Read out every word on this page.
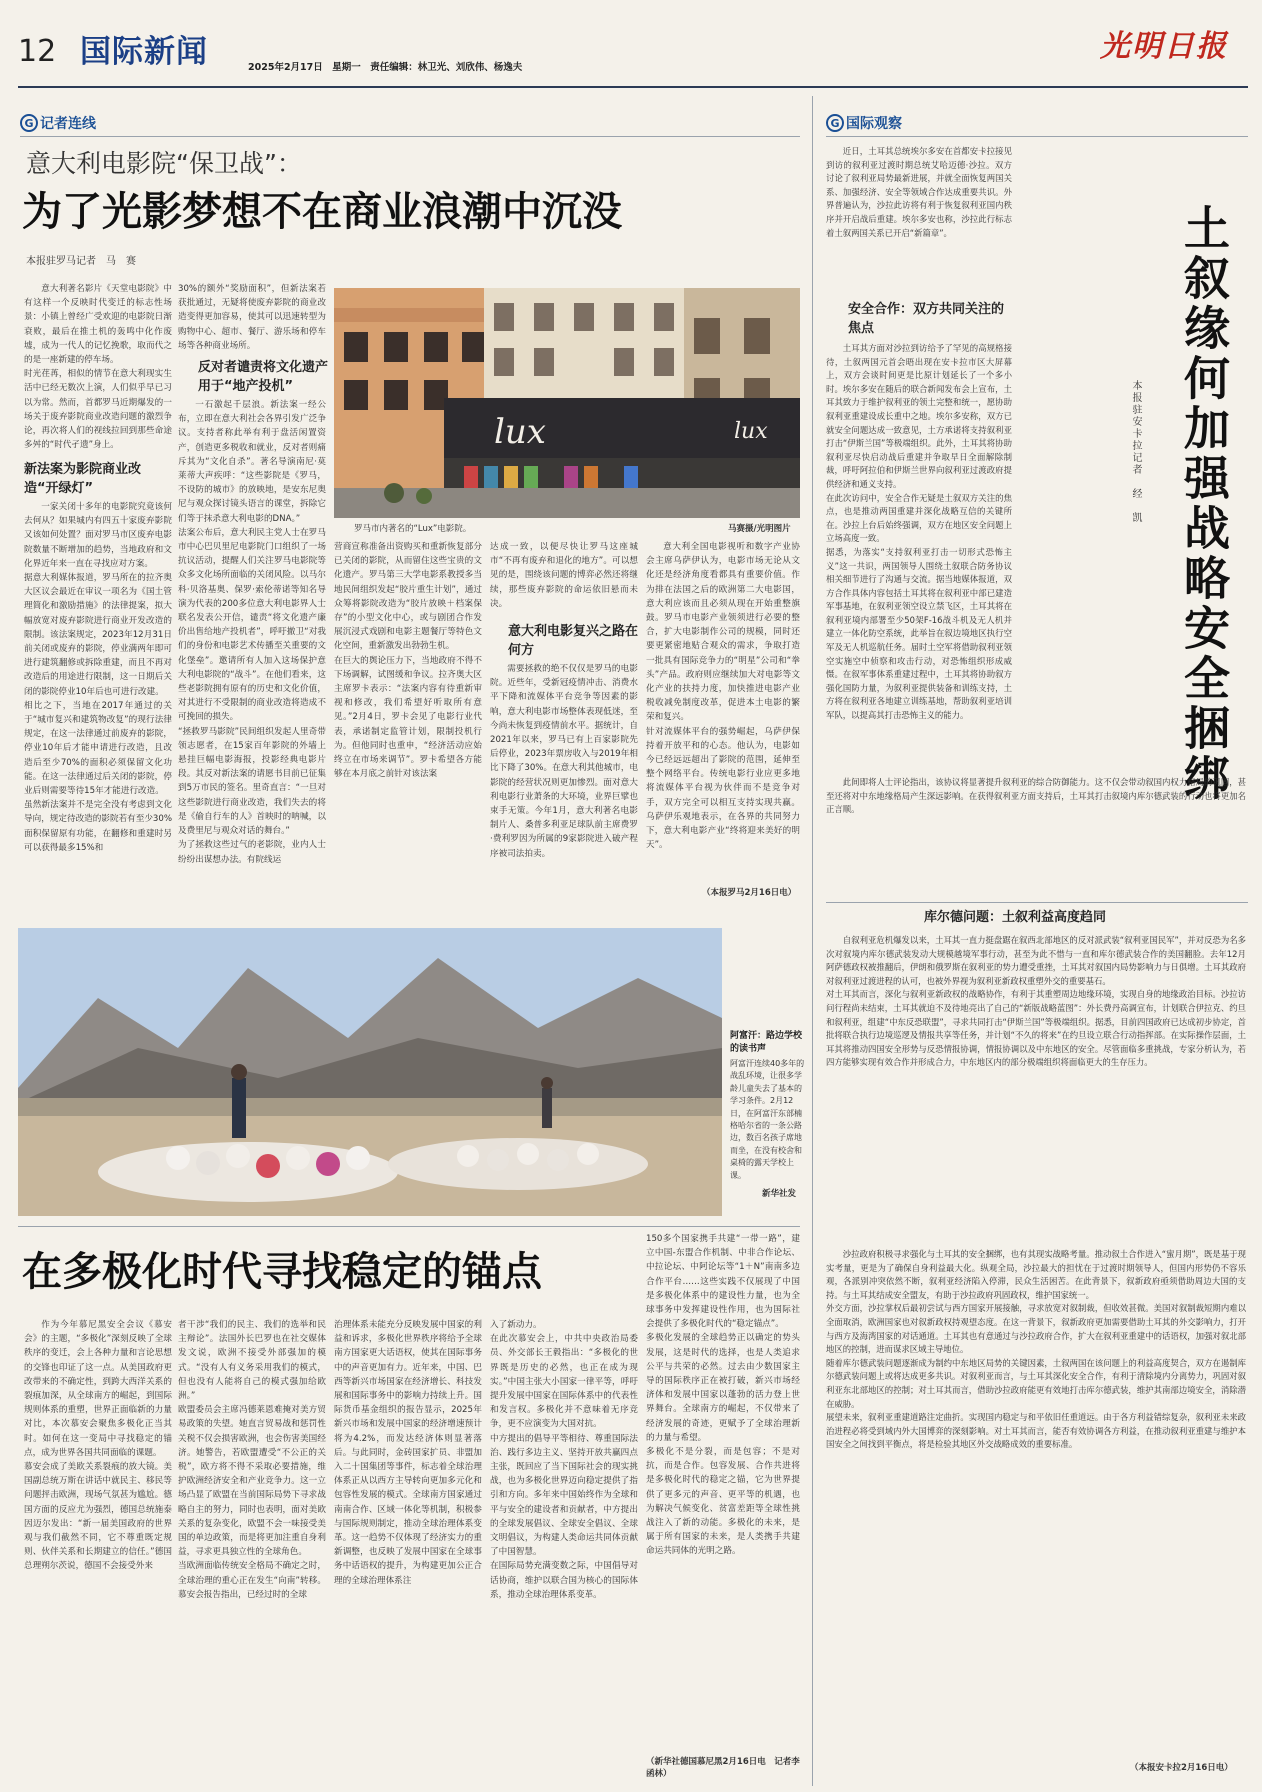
12 国际新闻	2025年2月17日　星期一　责任编辑：林卫光、刘欣伟、杨逸夫
光明日报
G 记者连线
意大利电影院“保卫战”：
为了光影梦想不在商业浪潮中沉没
本报驻罗马记者　马　赛
意大利著名影片《天堂电影院》中有这样一个反映时代变迁的标志性场景：小镇上曾经广受欢迎的电影院日渐衰败，最后在推土机的轰鸣中化作废墟，成为一代人的记忆挽歌，取而代之的是一座新建的停车场。
时光荏苒，相似的情节在意大利现实生活中已经无数次上演，人们似乎早已习以为常。然而，首都罗马近期爆发的一场关于废弃影院商业改造问题的激烈争论，再次将人们的视线拉回到那些命途多舛的“时代孑遗”身上。
新法案为影院商业改造“开绿灯”
一家关闭十多年的电影院究竟该何去何从？如果城内有四五十家废弃影院又该如何处置？面对罗马市区废弃电影院数量不断增加的趋势，当地政府和文化界近年来一直在寻找应对方案。
据意大利媒体报道，罗马所在的拉齐奥大区议会最近在审议一项名为《国土管理简化和激励措施》的法律提案，拟大幅放宽对废弃影院进行商业开发改造的限制。该法案规定，2023年12月31日前关闭或废弃的影院，停业满两年即可进行建筑翻修或拆除重建，而且不再对改造后的用途进行限制，这一日期后关闭的影院停业10年后也可进行改建。
相比之下，当地在2017年通过的关于“城市复兴和建筑物改复”的现行法律规定，在这一法律通过前废弃的影院，停业10年后才能申请进行改造，且改造后至少70%的面积必须保留文化功能。在这一法律通过后关闭的影院，停业后则需要等待15年才能进行改造。
虽然新法案并不是完全没有考虑到文化导向，规定待改造的影院若有至少30%面积保留原有功能，在翻修和重建时另可以获得最多15%和
30%的额外“奖励面积”，但新法案若获批通过，无疑将使废弃影院的商业改造变得更加容易，使其可以迅速转型为购物中心、超市、餐厅、游乐场和停车场等各种商业场所。
反对者谴责将文化遗产用于“地产投机”
一石激起千层浪。新法案一经公布，立即在意大利社会各界引发广泛争议。支持者称此举有利于盘活闲置资产，创造更多税收和就业，反对者则痛斥其为“文化自杀”。著名导演南尼·莫莱蒂大声疾呼：“这些影院是《罗马，不设防的城市》的放映地，是安东尼奥尼与观众探讨镜头语言的课堂，拆除它们等于抹杀意大利电影的DNA。”
法案公布后，意大利民主党人士在罗马市中心巴贝里尼电影院门口组织了一场抗议活动，提醒人们关注罗马电影院等众多文化场所面临的关闭风险。以马尔科·贝洛基奥、保罗·索伦蒂诺等知名导演为代表的200多位意大利电影界人士联名发表公开信，谴责“将文化遗产廉价出售给地产投机者”，呼吁撤卫“对我们的身份和电影艺术传播至关重要的文化堡垒”。邀请所有人加入这场保护意大利电影院的“战斗”。在他们看来，这些老影院拥有原有的历史和文化价值，对其进行不受限制的商业改造将造成不可挽回的损失。
“拯救罗马影院”民间组织发起人里奇带领志愿者，在15家百年影院的外墙上悬挂巨幅电影海报，投影经典电影片段。其反对新法案的请愿书目前已征集到5万市民的签名。里奇直言：“一旦对这些影院进行商业改造，我们失去的将是《偷自行车的人》首映时的呐喊，以及费里尼与观众对话的舞台。”
为了拯救这些过气的老影院，业内人士纷纷出谋想办法。有院线运
lux	lux
罗马市内著名的“Lux”电影院。	马赛摄/光明图片
营商宣称准备出资购买和重新恢复部分已关闭的影院，从而留住这些宝贵的文化遗产。罗马第三大学电影系教授多当地民间组织发起“胶片重生计划”，通过众筹将影院改造为“胶片放映＋档案保存”的小型文化中心，或与剧团合作发展沉浸式戏剧和电影主题餐厅等特色文化空间，重新激发出勃勃生机。
在巨大的舆论压力下，当地政府不得不下场调解，试图缓和争议。拉齐奥大区主席罗卡表示：“法案内容有待重新审视和修改，我们希望好听取所有意见。”2月4日，罗卡会见了电影行业代表，承诺制定监管计划，限制投机行为。但他同时也重申，“经济活动应始终立在市场来调节”。罗卡希望各方能够在本月底之前针对该法案
达成一致，以便尽快让罗马这座城市“不再有废弃和退化的地方”。可以想见的是，围绕该问题的博弈必然还将继续，那些废弃影院的命运依旧悬而未决。
意大利电影复兴之路在何方
需要拯救的绝不仅仅是罗马的电影院。近些年，受新冠疫情冲击、消费水平下降和流媒体平台竞争等因素的影响，意大利电影市场整体表现低迷，至今尚未恢复到疫情前水平。据统计，自2021年以来，罗马已有上百家影院先后停业，2023年票房收入与2019年相比下降了30%。在意大利其他城市，电影院的经营状况则更加惨烈。面对意大利电影行业萧条的大环境，业界巨擘也束手无策。今年1月，意大利著名电影制片人、桑普多利亚足球队前主席费罗·费利罗因为所属的9家影院进入破产程序被司法拍卖。
意大利全国电影视听和数字产业协会主席乌萨伊认为，电影市场无论从文化还是经济角度看都具有重要价值。作为排在法国之后的欧洲第二大电影国，意大利应该而且必须从现在开始重整旗鼓。罗马市电影产业领须进行必要的整合，扩大电影制作公司的规模，同时还要更紧密地贴合观众的需求，争取打造一批具有国际竞争力的“明星”公司和“拳头”产品。政府则应继续加大对电影等文化产业的扶持力度，加快推进电影产业税收减免制度改革，促进本土电影的繁荣和复兴。
针对流媒体平台的强势崛起，乌萨伊保持着开放平和的心态。他认为，电影如今已经远远超出了影院的范围，延伸至整个网络平台。传统电影行业应更多地将流媒体平台视为伙伴而不是竞争对手，双方完全可以相互支持实现共赢。乌萨伊乐观地表示，在各界的共同努力下，意大利电影产业“终将迎来美好的明天”。
（本报罗马2月16日电）
阿富汗：路边学校的读书声
阿富汗连续40多年的战乱环境，让很多学龄儿童失去了基本的学习条件。2月12日，在阿富汗东部楠格哈尔省的一条公路边，数百名孩子席地而坐，在没有校舍和桌椅的露天学校上课。
新华社发
在多极化时代寻找稳定的锚点
作为今年慕尼黑安全会议《慕安会》的主题，“多极化”深刻反映了全球秩序的变迁，会上各种力量和言论思想的交锋也印证了这一点。从美国政府更改带来的不确定性，到跨大西洋关系的裂痕加深，从全球南方的崛起，到国际规则体系的重塑，世界正面临新的力量对比，本次慕安会聚焦多极化正当其时。如何在这一变局中寻找稳定的锚点，成为世界各国共同面临的课题。
慕安会成了美欧关系裂痕的放大镜。美国副总统万斯在讲话中就民主、移民等问题抨击欧洲，现场气氛甚为尴尬。德国方面的反应尤为强烈，德国总统施泰因迈尔发出：“新一届美国政府的世界观与我们截然不同，它不尊重既定规则、伙伴关系和长期建立的信任。”德国总理朔尔茨说，德国不会接受外来
者干涉“我们的民主、我们的选举和民主辩论”。法国外长巴罗也在社交媒体发文说，欧洲不接受外部强加的模式。“没有人有义务采用我们的模式，但也没有人能将自己的模式强加给欧洲。”
欧盟委员会主席冯德莱恩难掩对美方贸易政策的失望。她直言贸易战和惩罚性关税不仅会损害欧洲，也会伤害美国经济。她警告，若欧盟遭受“不公正的关税”，欧方将不得不采取必要措施，维护欧洲经济安全和产业竞争力。这一立场凸显了欧盟在当前国际局势下寻求战略自主的努力，同时也表明，面对美欧关系的复杂变化，欧盟不会一味接受美国的单边政策，而是将更加注重自身利益，寻求更具独立性的全球角色。
当欧洲面临传统安全格局不确定之时，全球治理的重心正在发生“向南”转移。慕安会报告指出，已经过时的全球
治理体系未能充分反映发展中国家的利益和诉求，多极化世界秩序将给予全球南方国家更大话语权，使其在国际事务中的声音更加有力。近年来，中国、巴西等新兴市场国家在经济增长、科技发展和国际事务中的影响力持续上升。国际货币基金组织的报告显示，2025年新兴市场和发展中国家的经济增速预计将为4.2%，而发达经济体则显著落后。与此同时，金砖国家扩员、非盟加入二十国集团等事件，标志着全球治理体系正从以西方主导转向更加多元化和包容性发展的模式。全球南方国家通过南南合作、区域一体化等机制，积极参与国际规则制定，推动全球治理体系变革。这一趋势不仅体现了经济实力的重新调整，也反映了发展中国家在全球事务中话语权的提升，为构建更加公正合理的全球治理体系注
入了新动力。
在此次慕安会上，中共中央政治局委员、外交部长王毅指出：“多极化的世界既是历史的必然，也正在成为现实。”中国主张大小国家一律平等，呼吁提升发展中国家在国际体系中的代表性和发言权。多极化并不意味着无序竞争，更不应演变为大国对抗。
中方提出的倡导平等相待、尊重国际法治、践行多边主义、坚持开放共赢四点主张，既回应了当下国际社会的现实挑战，也为多极化世界迈向稳定提供了指引和方向。多年来中国始终作为全球和平与安全的建设者和贡献者，中方提出的全球发展倡议、全球安全倡议、全球文明倡议，为构建人类命运共同体贡献了中国智慧。
在国际局势充满变数之际，中国倡导对话协商，维护以联合国为核心的国际体系，推动全球治理体系变革。
150多个国家携手共建“一带一路”，建立中国-东盟合作机制、中非合作论坛、中拉论坛、中阿论坛等“1＋N”南南多边合作平台……这些实践不仅展现了中国是多极化体系中的建设性力量，也为全球事务中发挥建设性作用，也为国际社会提供了多极化时代的“稳定锚点”。
多极化发展的全球趋势正以确定的势头发展，这是时代的选择，也是人类追求公平与共荣的必然。过去由少数国家主导的国际秩序正在被打破，新兴市场经济体和发展中国家以蓬勃的活力登上世界舞台。全球南方的崛起，不仅带来了经济发展的奇迹，更赋予了全球治理新的力量与希望。
多极化不是分裂，而是包容；不是对抗，而是合作。包容发展、合作共进将是多极化时代的稳定之锚，它为世界提供了更多元的声音、更平等的机遇，也为解决气候变化、贫富差距等全球性挑战注入了新的动能。多极化的未来，是属于所有国家的未来，是人类携手共建命运共同体的光明之路。
（新华社德国慕尼黑2月16日电　记者李函林）
G 国际观察
近日，土耳其总统埃尔多安在首都安卡拉接见到访的叙利亚过渡时期总统艾哈迈德·沙拉。双方讨论了叙利亚局势最新进展，并就全面恢复两国关系、加强经济、安全等领域合作达成重要共识。外界普遍认为，沙拉此访将有利于恢复叙利亚国内秩序并开启战后重建。埃尔多安也称，沙拉此行标志着土叙两国关系已开启“新篇章”。	土叙缘何加强战略安全捆绑
本报驻安卡拉记者　经　凯
安全合作：双方共同关注的焦点
土耳其方面对沙拉到访给予了罕见的高规格接待，土叙两国元首会晤出现在安卡拉市区大屏幕上，双方会谈时间更是比原计划延长了一个多小时。埃尔多安在随后的联合新闻发布会上宣布，土耳其致力于维护叙利亚的领土完整和统一，愿协助叙利亚重建设成长重中之地。埃尔多安称，双方已就安全问题达成一致意见，土方承诺将支持叙利亚打击“伊斯兰国”等极端组织。此外，土耳其将协助叙利亚尽快启动战后重建并争取早日全面解除制裁，呼吁阿拉伯和伊斯兰世界向叙利亚过渡政府提供经济和通义支持。
在此次访问中，安全合作无疑是土叙双方关注的焦点，也是推动两国重建并深化战略互信的关键所在。沙拉上台后始终强调，双方在地区安全问题上立场高度一致。
据悉，为落实“支持叙利亚打击一切形式恐怖主义”这一共识，两国领导人围绕土叙联合防务协议相关细节进行了沟通与交流。据当地媒体报道，双方合作具体内容包括土耳其将在叙利亚中部已建造军事基地，在叙利亚领空设立禁飞区，土耳其将在叙利亚境内部署至少50架F-16战斗机及无人机并建立一体化防空系统，此举旨在叙边境地区执行空军及无人机巡航任务。届时土空军将借助叙利亚领空实施空中侦察和攻击行动，对恐怖组织形成威慑。在叙军事体系重建过程中，土耳其将协助叙方强化国防力量，为叙利亚提供装备和训练支持，土方将在叙利亚各地建立训练基地，帮助叙利亚培训军队，以提高其打击恐怖主义的能力。
此间即将人士评论指出，该协议将显著提升叙利亚的综合防御能力。这不仅会带动叙国内权力格局的巩固，甚至还将对中东地缘格局产生深远影响。在获得叙利亚方面支持后，土耳其打击叙境内库尔德武装的行动也将更加名正言顺。
库尔德问题：土叙利益高度趋同
自叙利亚危机爆发以来，土耳其一直力挺盘踞在叙西北部地区的反对派武装“叙利亚国民军”，并对反恐为名多次对叙境内库尔德武装发动大规模越境军事行动，甚至为此不惜与一直和库尔德武装合作的美国翻脸。去年12月阿萨德政权被推翻后，伊朗和俄罗斯在叙利亚的势力遭受重挫，土耳其对叙国内局势影响力与日俱增。土耳其政府对叙利亚过渡进程的认可，也被外界视为叙利亚新政权重塑外交的重要基石。
对土耳其而言，深化与叙利亚新政权的战略协作，有利于其重塑周边地缘环境，实现自身的地缘政治目标。沙拉访问行程尚未结束，土耳其就迫不及待地亮出了自己的“新版战略蓝图”：外长费丹高调宣布，计划联合伊拉克、约旦和叙利亚，组建“中东反恐联盟”，寻求共同打击“伊斯兰国”等极端组织。据悉，目前四国政府已达成初步协定，首批将联合执行边境巡逻及情报共享等任务，并计划“不久的将来”在约旦设立联合行动指挥部。在实际操作层面，土耳其将推动四国安全形势与反恐情报协调，情报协调以及中东地区的安全。尽管面临多重挑战，专家分析认为，若四方能够实现有效合作并形成合力，中东地区内的部分极端组织将面临更大的生存压力。
沙拉政府积极寻求强化与土耳其的安全捆绑，也有其现实战略考量。推动叙土合作进入“蜜月期”，既是基于现实考量，更是为了确保自身利益最大化。纵观全局，沙拉最大的担忧在于过渡时期领导人，但国内形势仍不容乐观，各派别冲突依然不断，叙利亚经济陷入停滞，民众生活困苦。在此背景下，叙新政府亟须借助周边大国的支持。与土耳其结成安全盟友，有助于沙拉政府巩固政权，维护国家统一。
外交方面，沙拉掌权后最初尝试与西方国家开展接触，寻求放宽对叙制裁，但收效甚微。美国对叙制裁短期内难以全面取消，欧洲国家也对叙新政权持观望态度。在这一背景下，叙新政府更加需要借助土耳其的外交影响力，打开与西方及海湾国家的对话通道。土耳其也有意通过与沙拉政府合作，扩大在叙利亚重建中的话语权，加强对叙北部地区的控制，进而谋求区域主导地位。
随着库尔德武装问题逐渐成为制约中东地区局势的关键因素，土叙两国在该问题上的利益高度契合，双方在遏制库尔德武装问题上或将达成更多共识。对叙利亚而言，与土耳其深化安全合作，有利于清除境内分离势力，巩固对叙利亚东北部地区的控制；对土耳其而言，借助沙拉政府能更有效地打击库尔德武装，维护其南部边境安全，消除潜在威胁。
展望未来，叙利亚重建道路注定曲折。实现国内稳定与和平依旧任重道远。由于各方利益错综复杂，叙利亚未来政治进程必将受到域内外大国博弈的深刻影响。对土耳其而言，能否有效协调各方利益，在推动叙利亚重建与维护本国安全之间找到平衡点，将是检验其地区外交战略成效的重要标准。
（本报安卡拉2月16日电）
